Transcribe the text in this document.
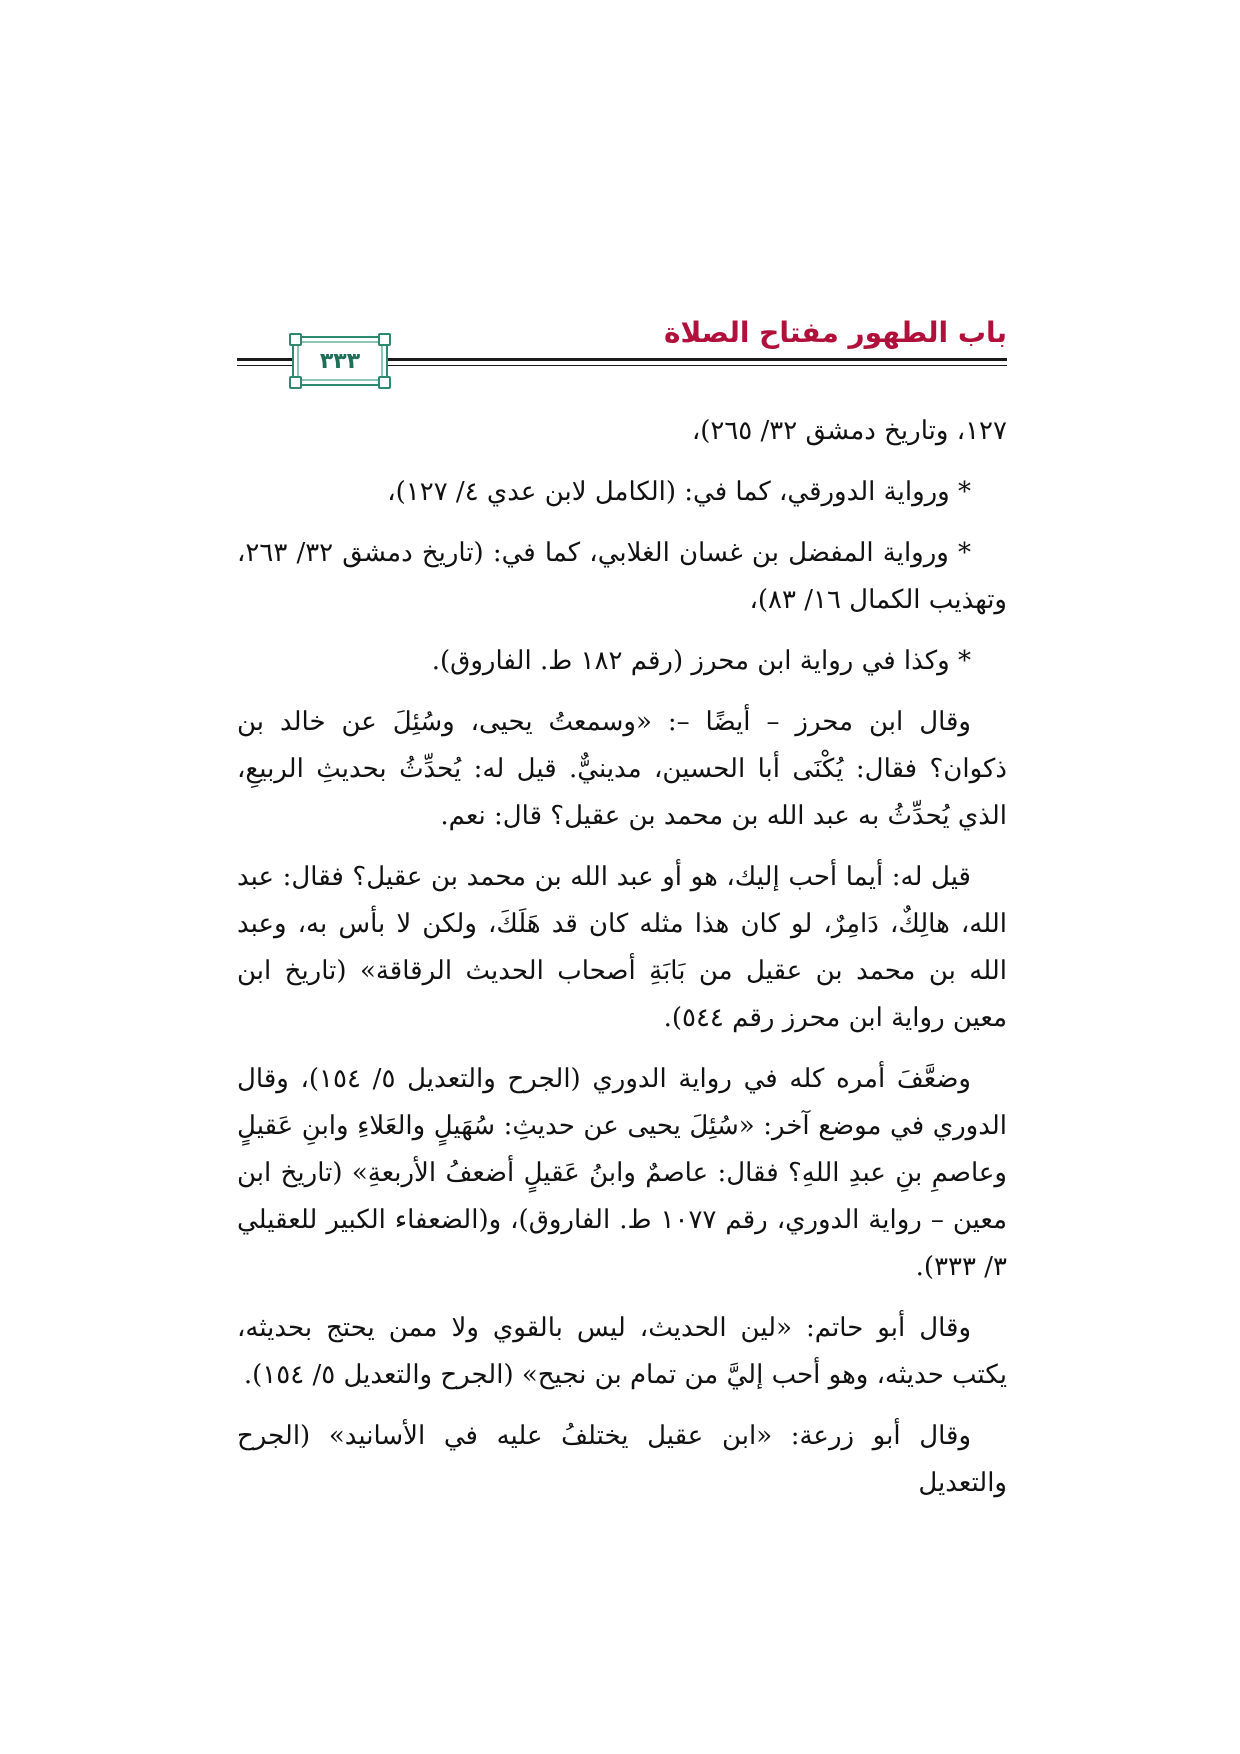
باب الطهور مفتاح الصلاة
٣٣٣

١٢٧، وتاريخ دمشق ٣٢/ ٢٦٥)،

* ورواية الدورقي، كما في: (الكامل لابن عدي ٤/ ١٢٧)،

* ورواية المفضل بن غسان الغلابي، كما في: (تاريخ دمشق ٣٢/ ٢٦٣، وتهذيب الكمال ١٦/ ٨٣)،

* وكذا في رواية ابن محرز (رقم ١٨٢ ط. الفاروق).

وقال ابن محرز – أيضًا –: «وسمعتُ يحيى، وسُئِلَ عن خالد بن ذكوان؟ فقال: يُكْنَى أبا الحسين، مدينيٌّ. قيل له: يُحدِّثُ بحديثِ الربيعِ، الذي يُحدِّثُ به عبد الله بن محمد بن عقيل؟ قال: نعم.

قيل له: أيما أحب إليك، هو أو عبد الله بن محمد بن عقيل؟ فقال: عبد الله، هالِكٌ، دَامِرٌ، لو كان هذا مثله كان قد هَلَكَ، ولكن لا بأس به، وعبد الله بن محمد بن عقيل من بَابَةِ أصحاب الحديث الرقاقة» (تاريخ ابن معين رواية ابن محرز رقم ٥٤٤).

وضعَّفَ أمره كله في رواية الدوري (الجرح والتعديل ٥/ ١٥٤)، وقال الدوري في موضع آخر: «سُئِلَ يحيى عن حديثِ: سُهَيلٍ والعَلاءِ وابنِ عَقيلٍ وعاصمِ بنِ عبدِ اللهِ؟ فقال: عاصمٌ وابنُ عَقيلٍ أضعفُ الأربعةِ» (تاريخ ابن معين – رواية الدوري، رقم ١٠٧٧ ط. الفاروق)، و(الضعفاء الكبير للعقيلي ٣/ ٣٣٣).

وقال أبو حاتم: «لين الحديث، ليس بالقوي ولا ممن يحتج بحديثه، يكتب حديثه، وهو أحب إليَّ من تمام بن نجيح» (الجرح والتعديل ٥/ ١٥٤).

وقال أبو زرعة: «ابن عقيل يختلفُ عليه في الأسانيد» (الجرح والتعديل
